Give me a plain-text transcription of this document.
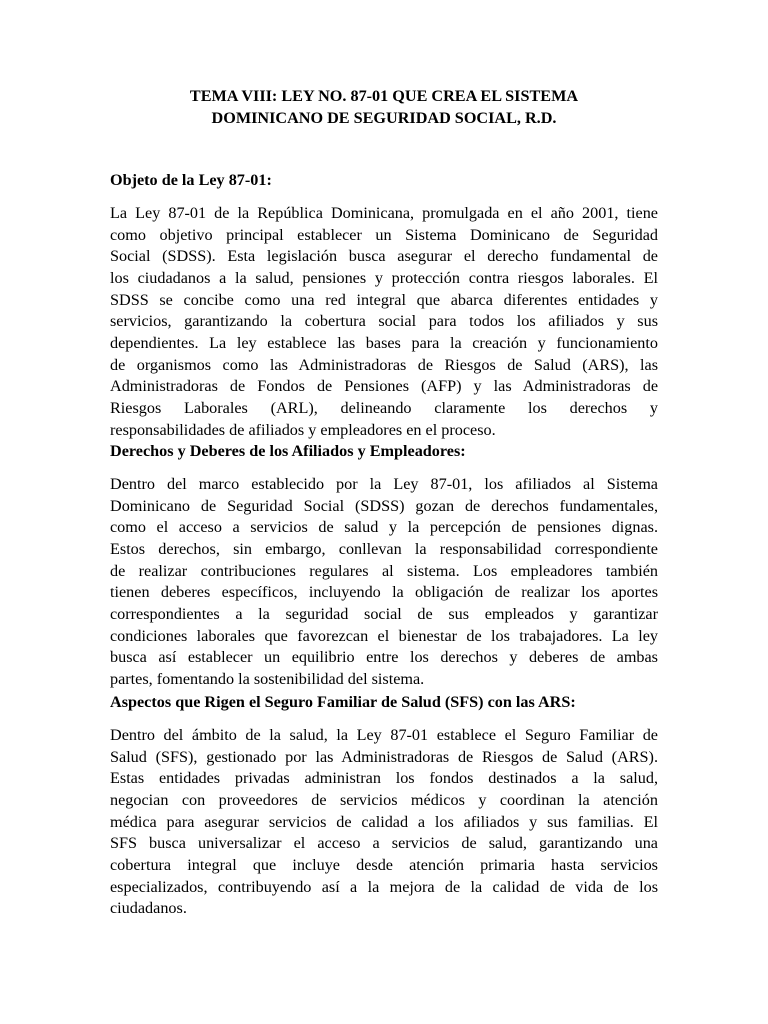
TEMA VIII: LEY NO. 87-01 QUE CREA EL SISTEMA
DOMINICANO DE SEGURIDAD SOCIAL, R.D.
Objeto de la Ley 87-01:
La Ley 87-01 de la República Dominicana, promulgada en el año 2001, tiene
como objetivo principal establecer un Sistema Dominicano de Seguridad
Social (SDSS). Esta legislación busca asegurar el derecho fundamental de
los ciudadanos a la salud, pensiones y protección contra riesgos laborales. El
SDSS se concibe como una red integral que abarca diferentes entidades y
servicios, garantizando la cobertura social para todos los afiliados y sus
dependientes. La ley establece las bases para la creación y funcionamiento
de organismos como las Administradoras de Riesgos de Salud (ARS), las
Administradoras de Fondos de Pensiones (AFP) y las Administradoras de
Riesgos Laborales (ARL), delineando claramente los derechos y
responsabilidades de afiliados y empleadores en el proceso.
Derechos y Deberes de los Afiliados y Empleadores:
Dentro del marco establecido por la Ley 87-01, los afiliados al Sistema
Dominicano de Seguridad Social (SDSS) gozan de derechos fundamentales,
como el acceso a servicios de salud y la percepción de pensiones dignas.
Estos derechos, sin embargo, conllevan la responsabilidad correspondiente
de realizar contribuciones regulares al sistema. Los empleadores también
tienen deberes específicos, incluyendo la obligación de realizar los aportes
correspondientes a la seguridad social de sus empleados y garantizar
condiciones laborales que favorezcan el bienestar de los trabajadores. La ley
busca así establecer un equilibrio entre los derechos y deberes de ambas
partes, fomentando la sostenibilidad del sistema.
Aspectos que Rigen el Seguro Familiar de Salud (SFS) con las ARS:
Dentro del ámbito de la salud, la Ley 87-01 establece el Seguro Familiar de
Salud (SFS), gestionado por las Administradoras de Riesgos de Salud (ARS).
Estas entidades privadas administran los fondos destinados a la salud,
negocian con proveedores de servicios médicos y coordinan la atención
médica para asegurar servicios de calidad a los afiliados y sus familias. El
SFS busca universalizar el acceso a servicios de salud, garantizando una
cobertura integral que incluye desde atención primaria hasta servicios
especializados, contribuyendo así a la mejora de la calidad de vida de los
ciudadanos.
